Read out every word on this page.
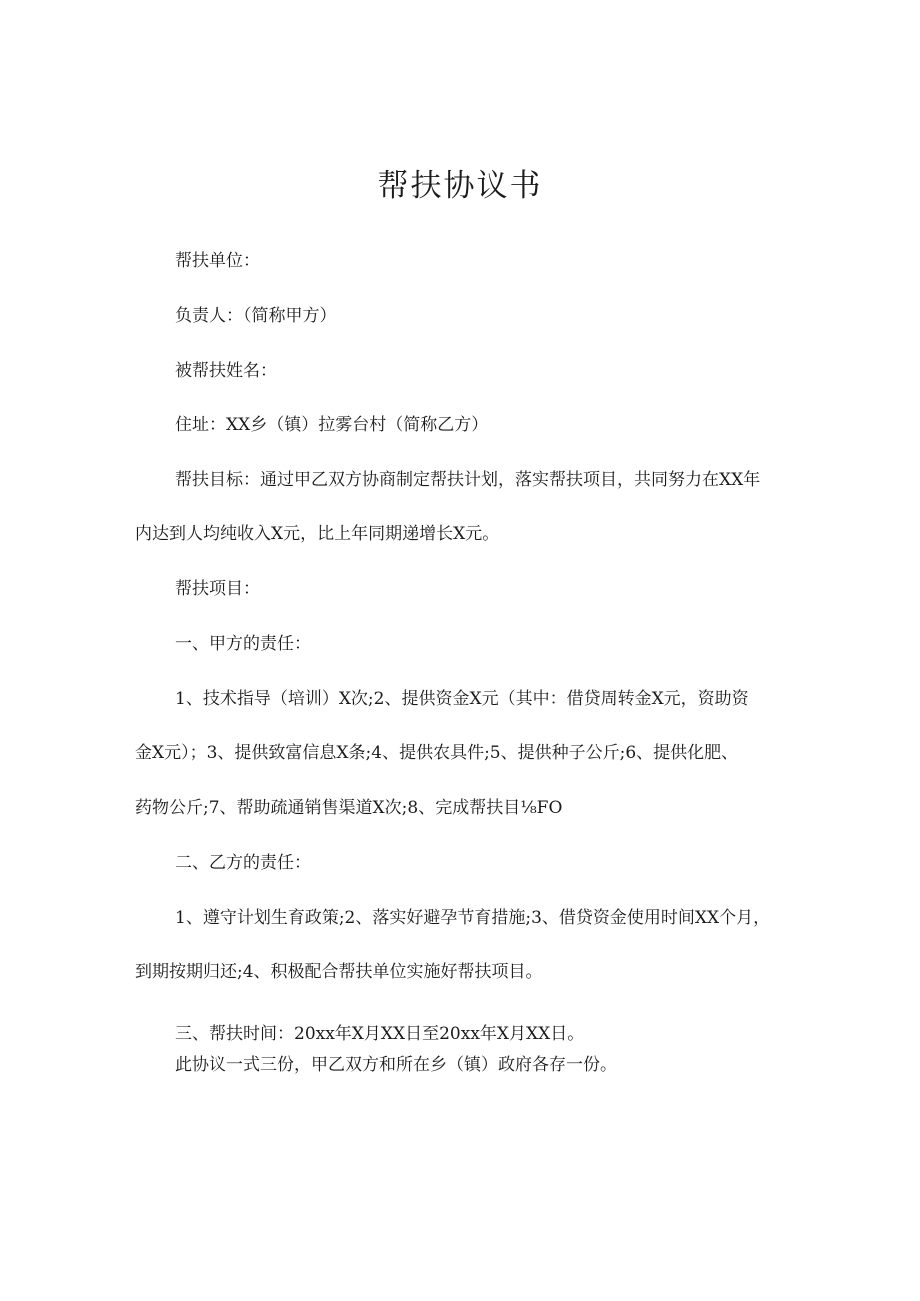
帮扶协议书

帮扶单位：

负责人：（简称甲方）

被帮扶姓名：

住址：XX乡（镇）拉雾台村（简称乙方）

帮扶目标：通过甲乙双方协商制定帮扶计划，落实帮扶项目，共同努力在XX年

内达到人均纯收入X元，比上年同期递增长X元。

帮扶项目：

一、甲方的责任：

1、技术指导（培训）X次;2、提供资金X元（其中：借贷周转金X元，资助资

金X元）；3、提供致富信息X条;4、提供农具件;5、提供种子公斤;6、提供化肥、

药物公斤;7、帮助疏通销售渠道X次;8、完成帮扶目⅛FO

二、乙方的责任：

1、遵守计划生育政策;2、落实好避孕节育措施;3、借贷资金使用时间XX个月，

到期按期归还;4、积极配合帮扶单位实施好帮扶项目。

三、帮扶时间：20xx年X月XX日至20xx年X月XX日。

此协议一式三份，甲乙双方和所在乡（镇）政府各存一份。
